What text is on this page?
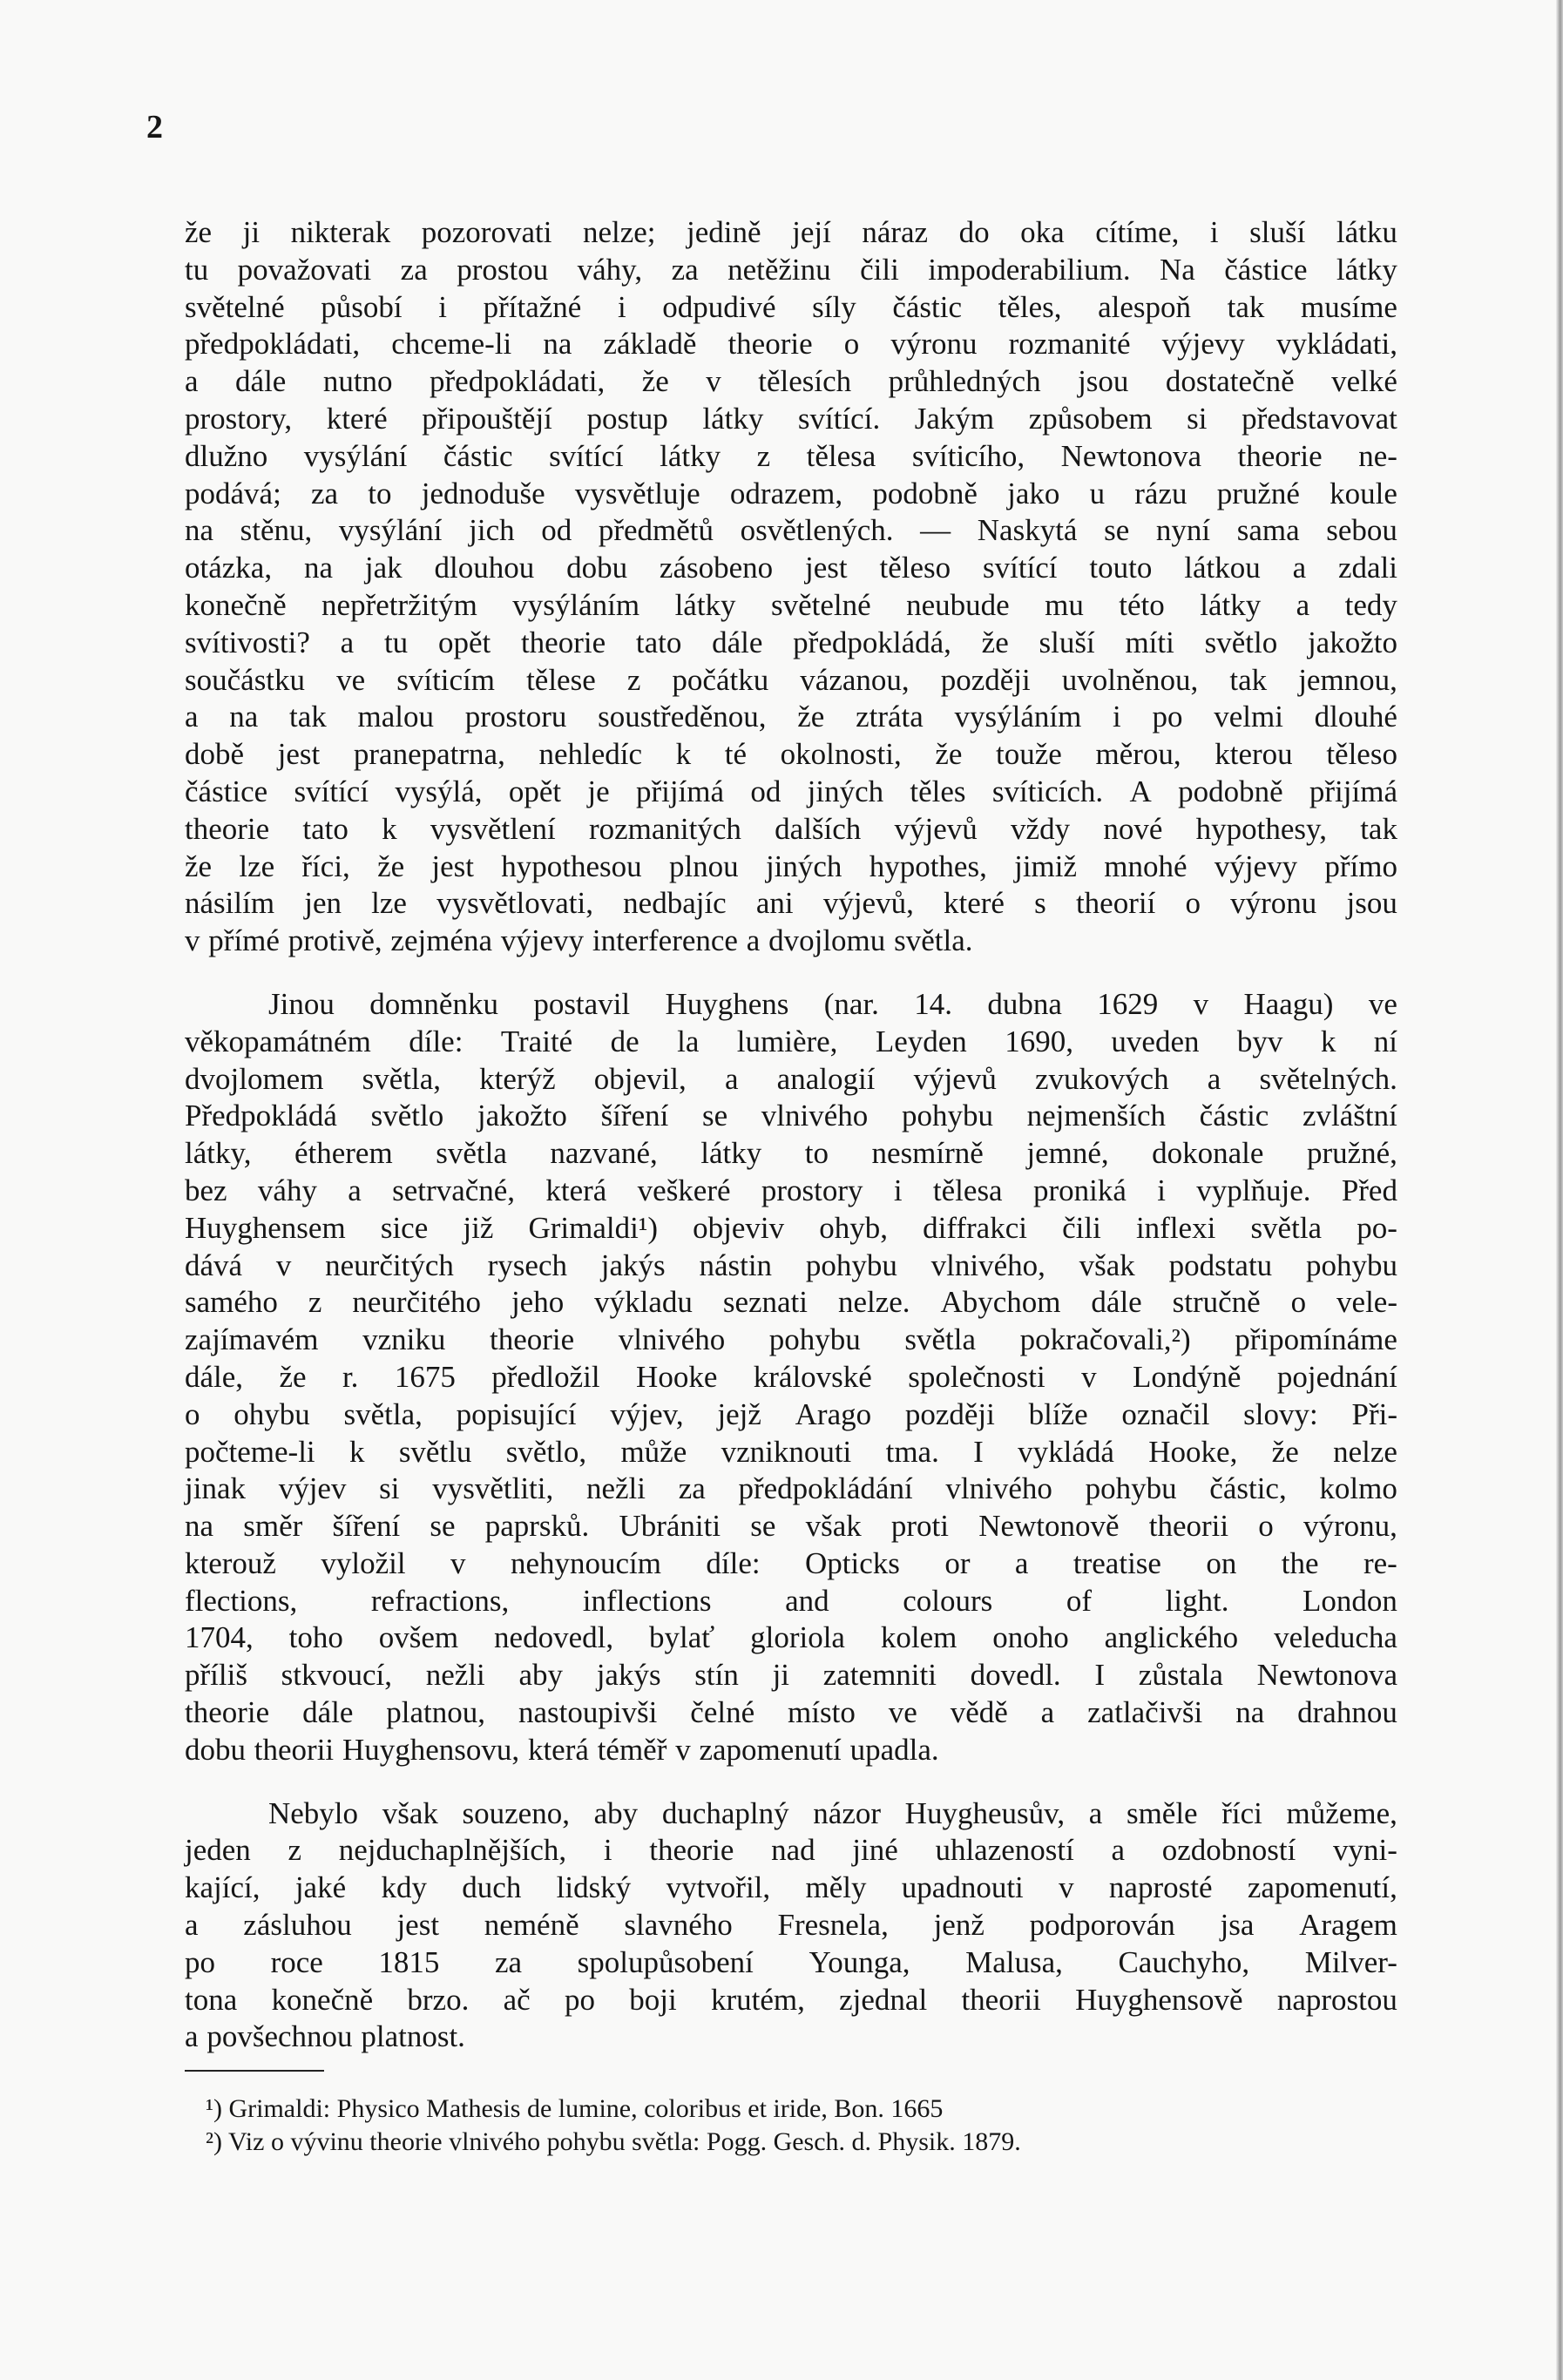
2
že ji nikterak pozorovati nelze; jedině její náraz do oka cítíme, i sluší látku
tu považovati za prostou váhy, za netěžinu čili impoderabilium. Na částice látky
světelné působí i přítažné i odpudivé síly částic těles, alespoň tak musíme
předpokládati, chceme-li na základě theorie o výronu rozmanité výjevy vykládati,
a dále nutno předpokládati, že v tělesích průhledných jsou dostatečně velké
prostory, které připouštějí postup látky svítící. Jakým způsobem si představovat
dlužno vysýlání částic svítící látky z tělesa svíticího, Newtonova theorie ne-
podává; za to jednoduše vysvětluje odrazem, podobně jako u rázu pružné koule
na stěnu, vysýlání jich od předmětů osvětlených. — Naskytá se nyní sama sebou
otázka, na jak dlouhou dobu zásobeno jest těleso svítící touto látkou a zdali
konečně nepřetržitým vysýláním látky světelné neubude mu této látky a tedy
svítivosti? a tu opět theorie tato dále předpokládá, že sluší míti světlo jakožto
součástku ve svíticím tělese z počátku vázanou, později uvolněnou, tak jemnou,
a na tak malou prostoru soustředěnou, že ztráta vysýláním i po velmi dlouhé
době jest pranepatrna, nehledíc k té okolnosti, že touže měrou, kterou těleso
částice svítící vysýlá, opět je přijímá od jiných těles svíticích. A podobně přijímá
theorie tato k vysvětlení rozmanitých dalších výjevů vždy nové hypothesy, tak
že lze říci, že jest hypothesou plnou jiných hypothes, jimiž mnohé výjevy přímo
násilím jen lze vysvětlovati, nedbajíc ani výjevů, které s theorií o výronu jsou
v přímé protivě, zejména výjevy interference a dvojlomu světla.
Jinou domněnku postavil Huyghens (nar. 14. dubna 1629 v Haagu) ve
věkopamátném díle: Traité de la lumière, Leyden 1690, uveden byv k ní
dvojlomem světla, kterýž objevil, a analogií výjevů zvukových a světelných.
Předpokládá světlo jakožto šíření se vlnivého pohybu nejmenších částic zvláštní
látky, étherem světla nazvané, látky to nesmírně jemné, dokonale pružné,
bez váhy a setrvačné, která veškeré prostory i tělesa proniká i vyplňuje. Před
Huyghensem sice již Grimaldi¹) objeviv ohyb, diffrakci čili inflexi světla po-
dává v neurčitých rysech jakýs nástin pohybu vlnivého, však podstatu pohybu
samého z neurčitého jeho výkladu seznati nelze. Abychom dále stručně o vele-
zajímavém vzniku theorie vlnivého pohybu světla pokračovali,²) připomínáme
dále, že r. 1675 předložil Hooke královské společnosti v Londýně pojednání
o ohybu světla, popisující výjev, jejž Arago později blíže označil slovy: Při-
počteme-li k světlu světlo, může vzniknouti tma. I vykládá Hooke, že nelze
jinak výjev si vysvětliti, nežli za předpokládání vlnivého pohybu částic, kolmo
na směr šíření se paprsků. Ubrániti se však proti Newtonově theorii o výronu,
kterouž vyložil v nehynoucím díle: Opticks or a treatise on the re-
flections, refractions, inflections and colours of light. London
1704, toho ovšem nedovedl, bylať gloriola kolem onoho anglického veleducha
příliš stkvoucí, nežli aby jakýs stín ji zatemniti dovedl. I zůstala Newtonova
theorie dále platnou, nastoupivši čelné místo ve vědě a zatlačivši na drahnou
dobu theorii Huyghensovu, která téměř v zapomenutí upadla.
Nebylo však souzeno, aby duchaplný názor Huygheusův, a směle říci můžeme,
jeden z nejduchaplnějších, i theorie nad jiné uhlazeností a ozdobností vyni-
kající, jaké kdy duch lidský vytvořil, měly upadnouti v naprosté zapomenutí,
a zásluhou jest neméně slavného Fresnela, jenž podporován jsa Aragem
po roce 1815 za spolupůsobení Younga, Malusa, Cauchyho, Milver-
tona konečně brzo. ač po boji krutém, zjednal theorii Huyghensově naprostou
a povšechnou platnost.
¹) Grimaldi: Physico Mathesis de lumine, coloribus et iride, Bon. 1665
²) Viz o vývinu theorie vlnivého pohybu světla: Pogg. Gesch. d. Physik. 1879.
